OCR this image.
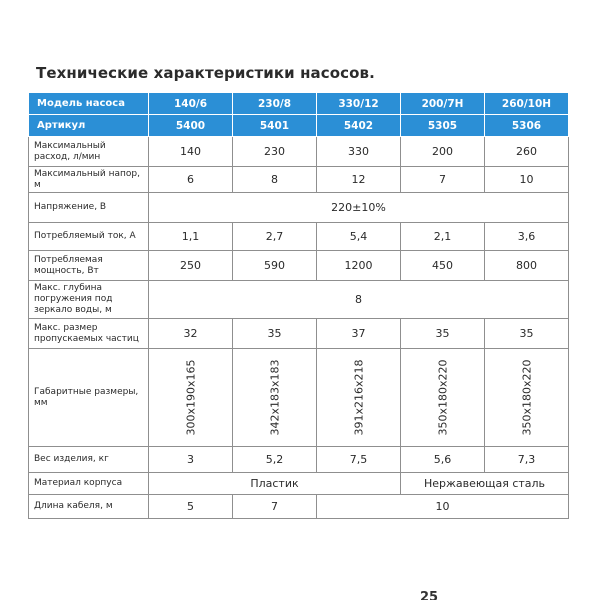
Технические характеристики насосов.
Модель насоса	140/6	230/8	330/12	200/7Н	260/10Н
Артикул	5400	5401	5402	5305	5306
Максимальный расход, л/мин	140	230	330	200	260
Максимальный напор, м	6	8	12	7	10
Напряжение, В	220±10%				
Потребляемый ток, А	1,1	2,7	5,4	2,1	3,6
Потребляемая мощность, Вт	250	590	1200	450	800
Макс. глубина погружения под зеркало воды, м	8				
Макс. размер пропускаемых частиц	32	35	37	35	35
Габаритные размеры, мм	300x190x165	342x183x183	391x216x218	350x180x220	350x180x220
Вес изделия, кг	3	5,2	7,5	5,6	7,3
Материал корпуса	Пластик			Нержавеющая сталь	
Длина кабеля, м	5	7	10		
25
